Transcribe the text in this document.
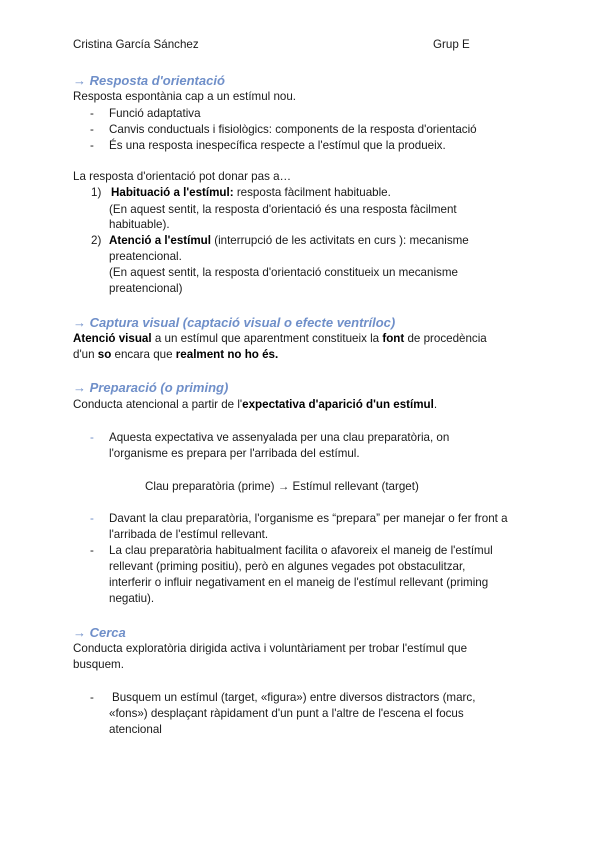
Cristina García Sánchez	Grup E
→ Resposta d'orientació
Resposta espontània cap a un estímul nou.
- Funció adaptativa
- Canvis conductuals i fisiològics: components de la resposta d'orientació
- És una resposta inespecífica respecte a l'estímul que la produeix.
La resposta d'orientació pot donar pas a…
1) Habituació a l'estímul: resposta fàcilment habituable.
(En aquest sentit, la resposta d'orientació és una resposta fàcilment
habituable).
2) Atenció a l'estímul (interrupció de les activitats en curs ): mecanisme
preatencional.
(En aquest sentit, la resposta d'orientació constitueix un mecanisme
preatencional)
→ Captura visual (captació visual o efecte ventríloc)
Atenció visual a un estímul que aparentment constitueix la font de procedència
d'un so encara que realment no ho és.
→ Preparació (o priming)
Conducta atencional a partir de l'expectativa d'aparició d'un estímul.
- Aquesta expectativa ve assenyalada per una clau preparatòria, on
l'organisme es prepara per l'arribada del estímul.
Clau preparatòria (prime) → Estímul rellevant (target)
- Davant la clau preparatòria, l'organisme es “prepara” per manejar o fer front a
l'arribada de l'estímul rellevant.
- La clau preparatòria habitualment facilita o afavoreix el maneig de l'estímul
rellevant (priming positiu), però en algunes vegades pot obstaculitzar,
interferir o influir negativament en el maneig de l'estímul rellevant (priming
negatiu).
→ Cerca
Conducta exploratòria dirigida activa i voluntàriament per trobar l'estímul que
busquem.
- Busquem un estímul (target, «figura») entre diversos distractors (marc,
«fons») desplaçant ràpidament d'un punt a l'altre de l'escena el focus
atencional
